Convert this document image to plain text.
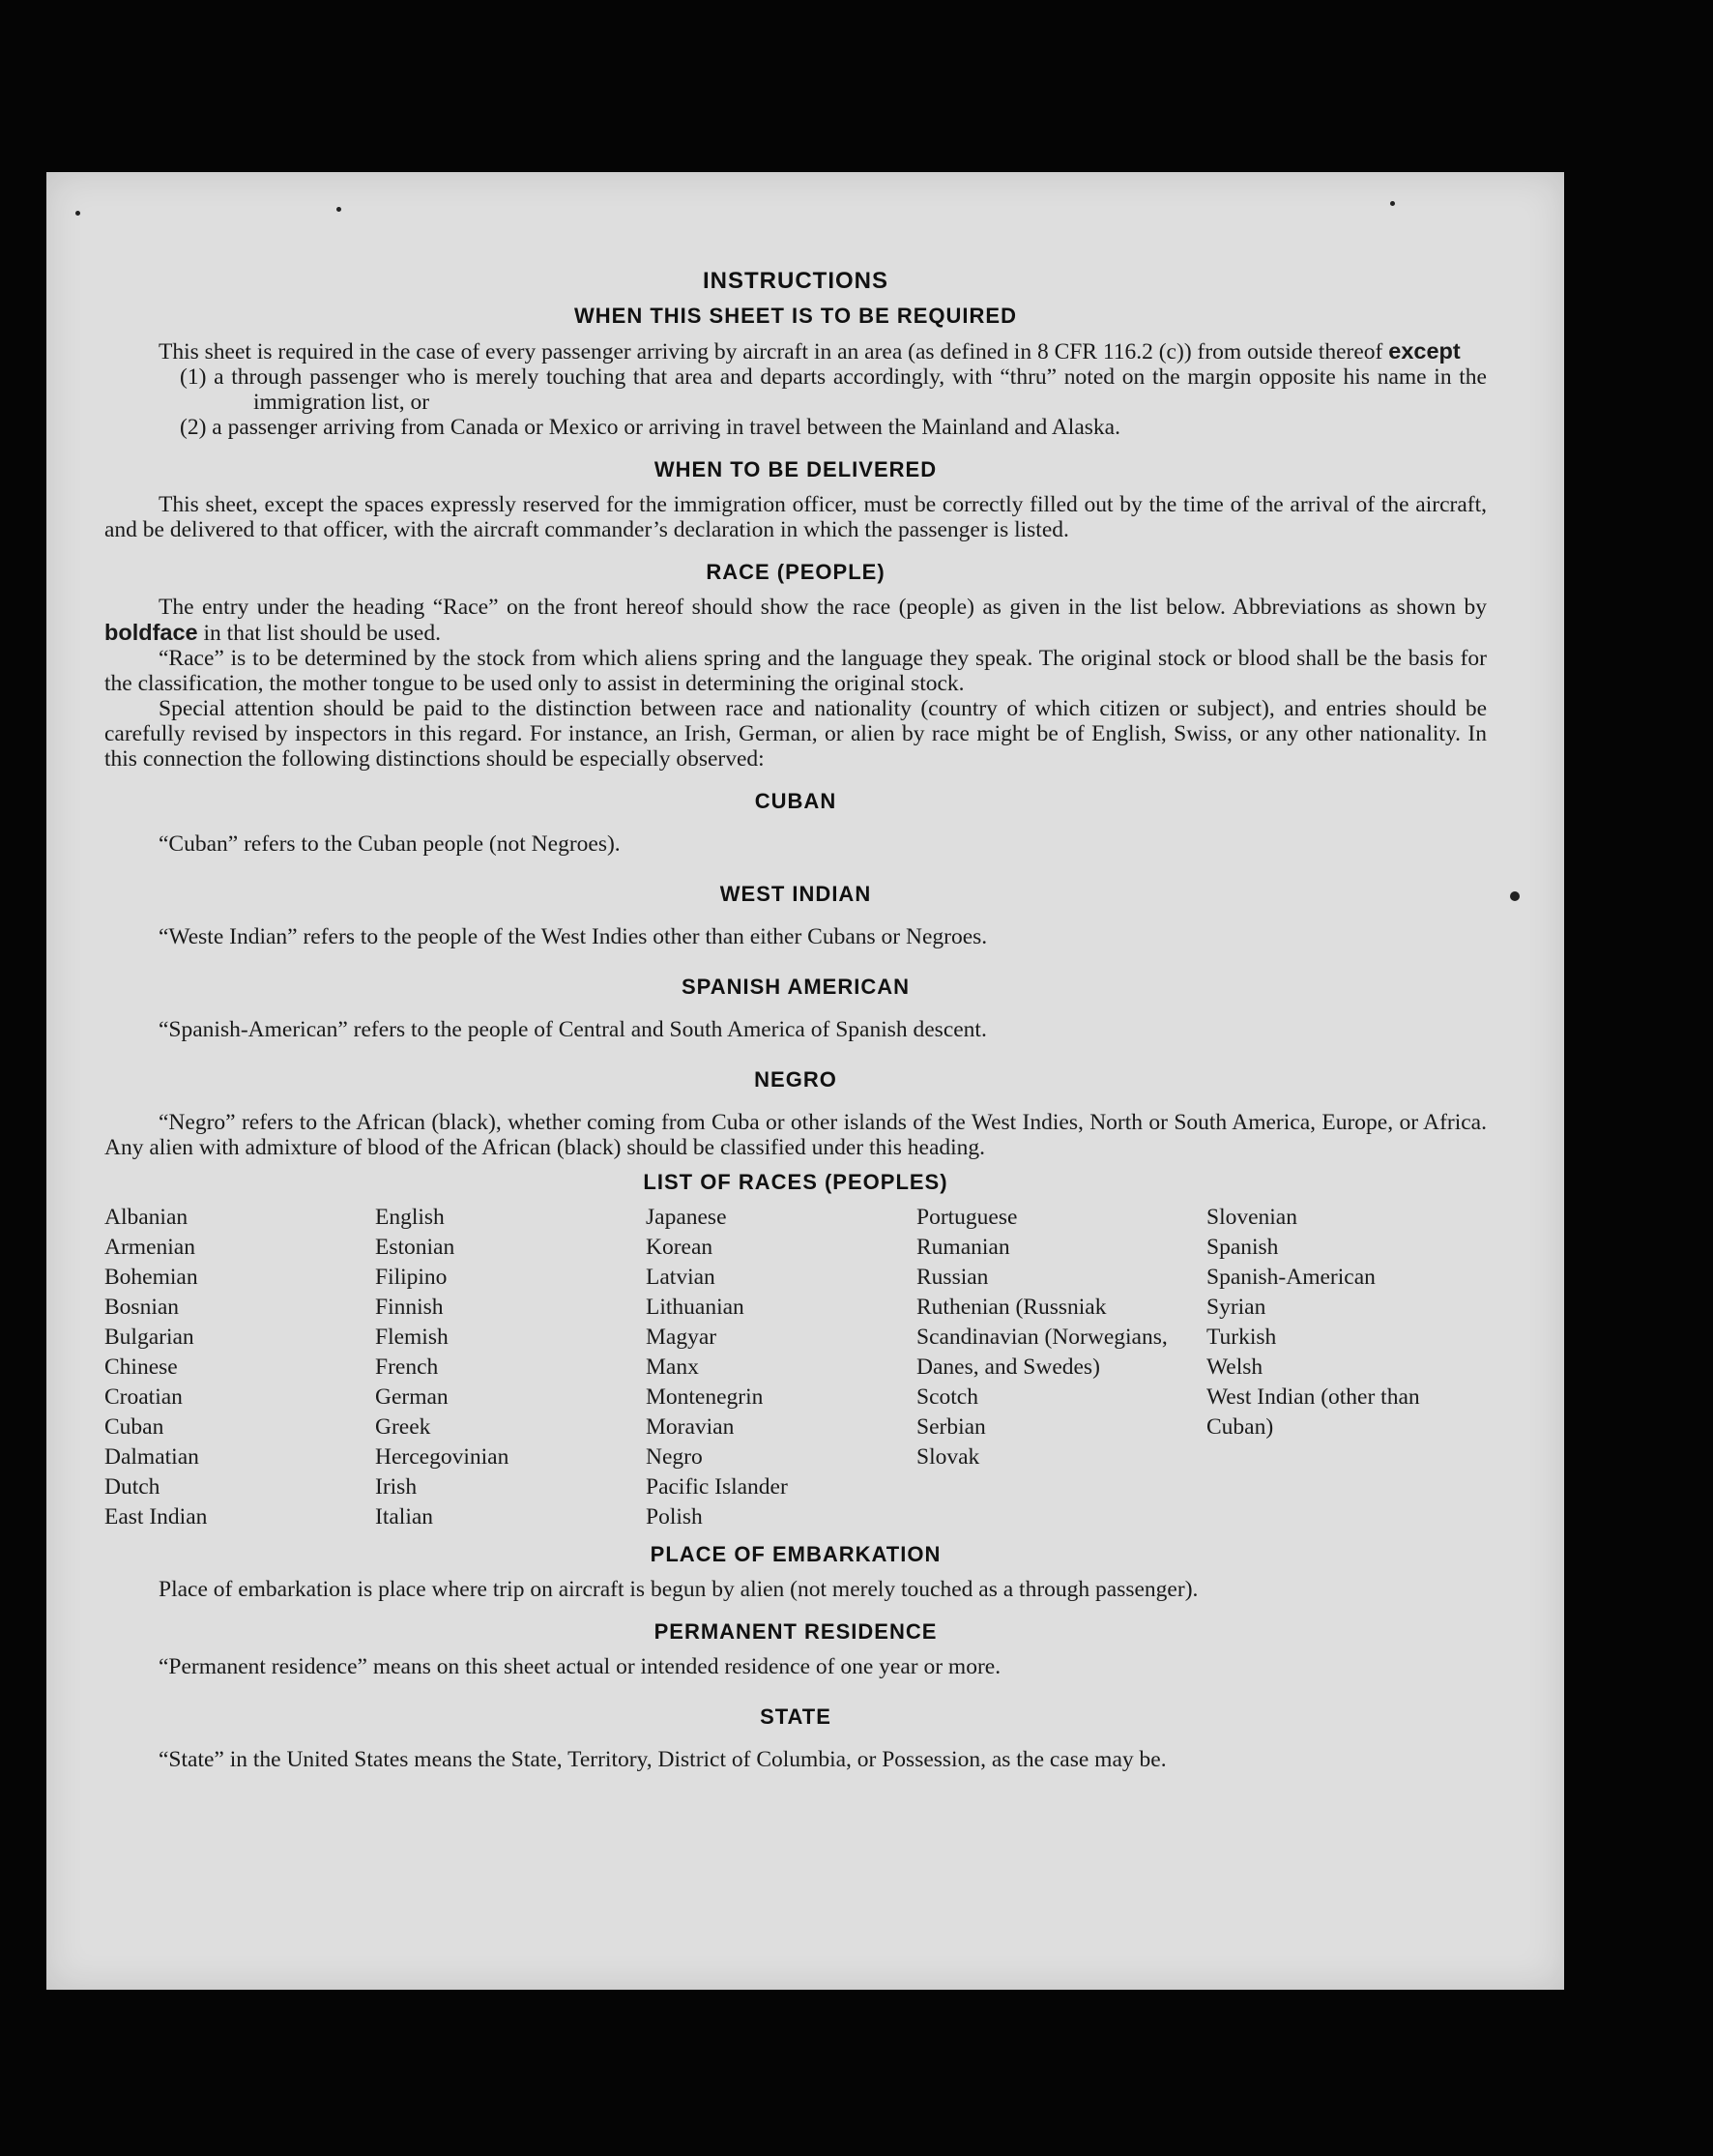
INSTRUCTIONS
WHEN THIS SHEET IS TO BE REQUIRED

This sheet is required in the case of every passenger arriving by aircraft in an area (as defined in 8 CFR 116.2 (c)) from outside thereof except

(1) a through passenger who is merely touching that area and departs accordingly, with “thru” noted on the margin opposite his name in the immigration list, or

(2) a passenger arriving from Canada or Mexico or arriving in travel between the Mainland and Alaska.

WHEN TO BE DELIVERED

This sheet, except the spaces expressly reserved for the immigration officer, must be correctly filled out by the time of the arrival of the aircraft, and be delivered to that officer, with the aircraft commander’s declaration in which the passenger is listed.

RACE (PEOPLE)

The entry under the heading “Race” on the front hereof should show the race (people) as given in the list below. Abbreviations as shown by boldface in that list should be used.

“Race” is to be determined by the stock from which aliens spring and the language they speak. The original stock or blood shall be the basis for the classification, the mother tongue to be used only to assist in determining the original stock.

Special attention should be paid to the distinction between race and nationality (country of which citizen or subject), and entries should be carefully revised by inspectors in this regard. For instance, an Irish, German, or alien by race might be of English, Swiss, or any other nationality. In this connection the following distinctions should be especially observed:

CUBAN

“Cuban” refers to the Cuban people (not Negroes).

WEST INDIAN

“Weste Indian” refers to the people of the West Indies other than either Cubans or Negroes.

SPANISH AMERICAN

“Spanish-American” refers to the people of Central and South America of Spanish descent.

NEGRO

“Negro” refers to the African (black), whether coming from Cuba or other islands of the West Indies, North or South America, Europe, or Africa. Any alien with admixture of blood of the African (black) should be classified under this heading.

LIST OF RACES (PEOPLES)
Albanian
Armenian
Bohemian
Bosnian
Bulgarian
Chinese
Croatian
Cuban
Dalmatian
Dutch
East Indian
English
Estonian
Filipino
Finnish
Flemish
French
German
Greek
Hercegovinian
Irish
Italian
Japanese
Korean
Latvian
Lithuanian
Magyar
Manx
Montenegrin
Moravian
Negro
Pacific Islander
Polish
Portuguese
Rumanian
Russian
Ruthenian (Russniak
Scandinavian (Norwegians, Danes, and Swedes)
Scotch
Serbian
Slovak
Slovenian
Spanish
Spanish-American
Syrian
Turkish
Welsh
West Indian (other than Cuban)
PLACE OF EMBARKATION

Place of embarkation is place where trip on aircraft is begun by alien (not merely touched as a through passenger).

PERMANENT RESIDENCE

“Permanent residence” means on this sheet actual or intended residence of one year or more.

STATE

“State” in the United States means the State, Territory, District of Columbia, or Possession, as the case may be.
